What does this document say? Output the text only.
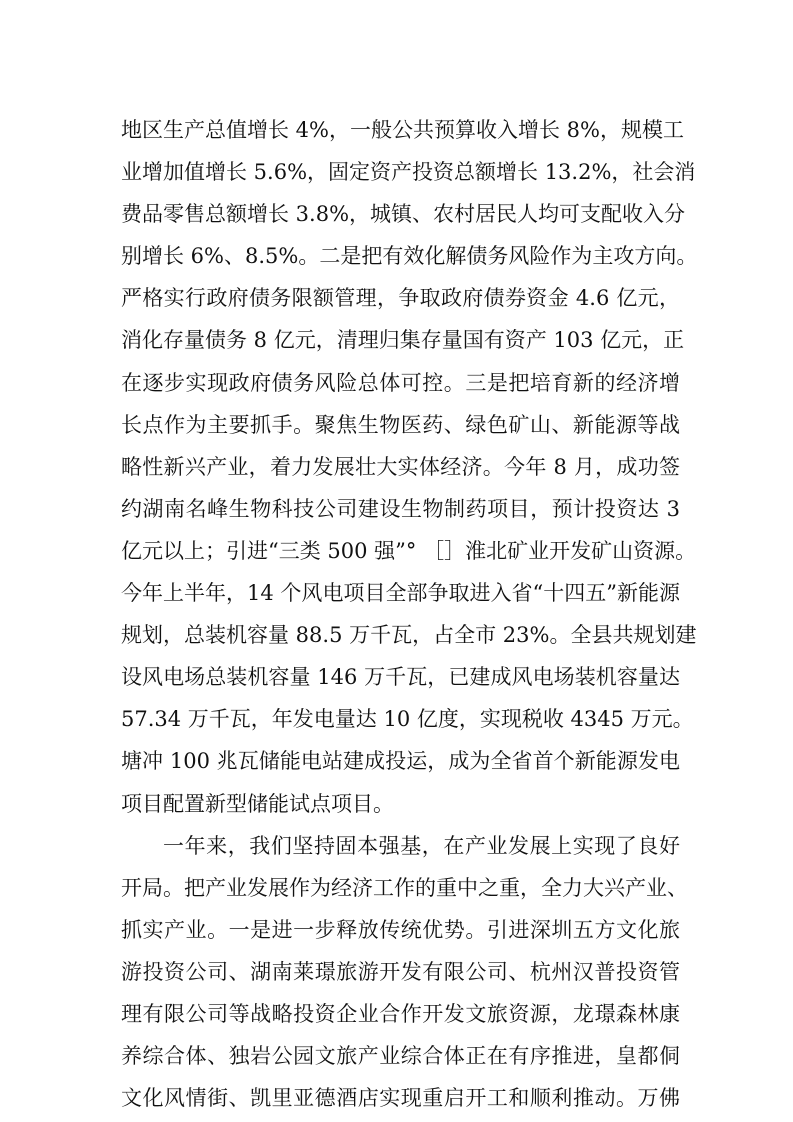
地区生产总值增长 4%，一般公共预算收入增长 8%，规模工
业增加值增长 5.6%，固定资产投资总额增长 13.2%，社会消
费品零售总额增长 3.8%，城镇、农村居民人均可支配收入分
别增长 6%、8.5%。二是把有效化解债务风险作为主攻方向。
严格实行政府债务限额管理，争取政府债券资金 4.6 亿元，
消化存量债务 8 亿元，清理归集存量国有资产 103 亿元，正
在逐步实现政府债务风险总体可控。三是把培育新的经济增
长点作为主要抓手。聚焦生物医药、绿色矿山、新能源等战
略性新兴产业，着力发展壮大实体经济。今年 8 月，成功签
约湖南名峰生物科技公司建设生物制药项目，预计投资达 3
亿元以上；引进“三类 500 强”° ［］淮北矿业开发矿山资源。
今年上半年，14 个风电项目全部争取进入省“十四五”新能源
规划，总装机容量 88.5 万千瓦，占全市 23%。全县共规划建
设风电场总装机容量 146 万千瓦，已建成风电场装机容量达
57.34 万千瓦，年发电量达 10 亿度，实现税收 4345 万元。
塘冲 100 兆瓦储能电站建成投运，成为全省首个新能源发电
项目配置新型储能试点项目。
一年来，我们坚持固本强基，在产业发展上实现了良好
开局。把产业发展作为经济工作的重中之重，全力大兴产业、
抓实产业。一是进一步释放传统优势。引进深圳五方文化旅
游投资公司、湖南莱璟旅游开发有限公司、杭州汉普投资管
理有限公司等战略投资企业合作开发文旅资源，龙璟森林康
养综合体、独岩公园文旅产业综合体正在有序推进，皇都侗
文化风情街、凯里亚德酒店实现重启开工和顺利推动。万佛
